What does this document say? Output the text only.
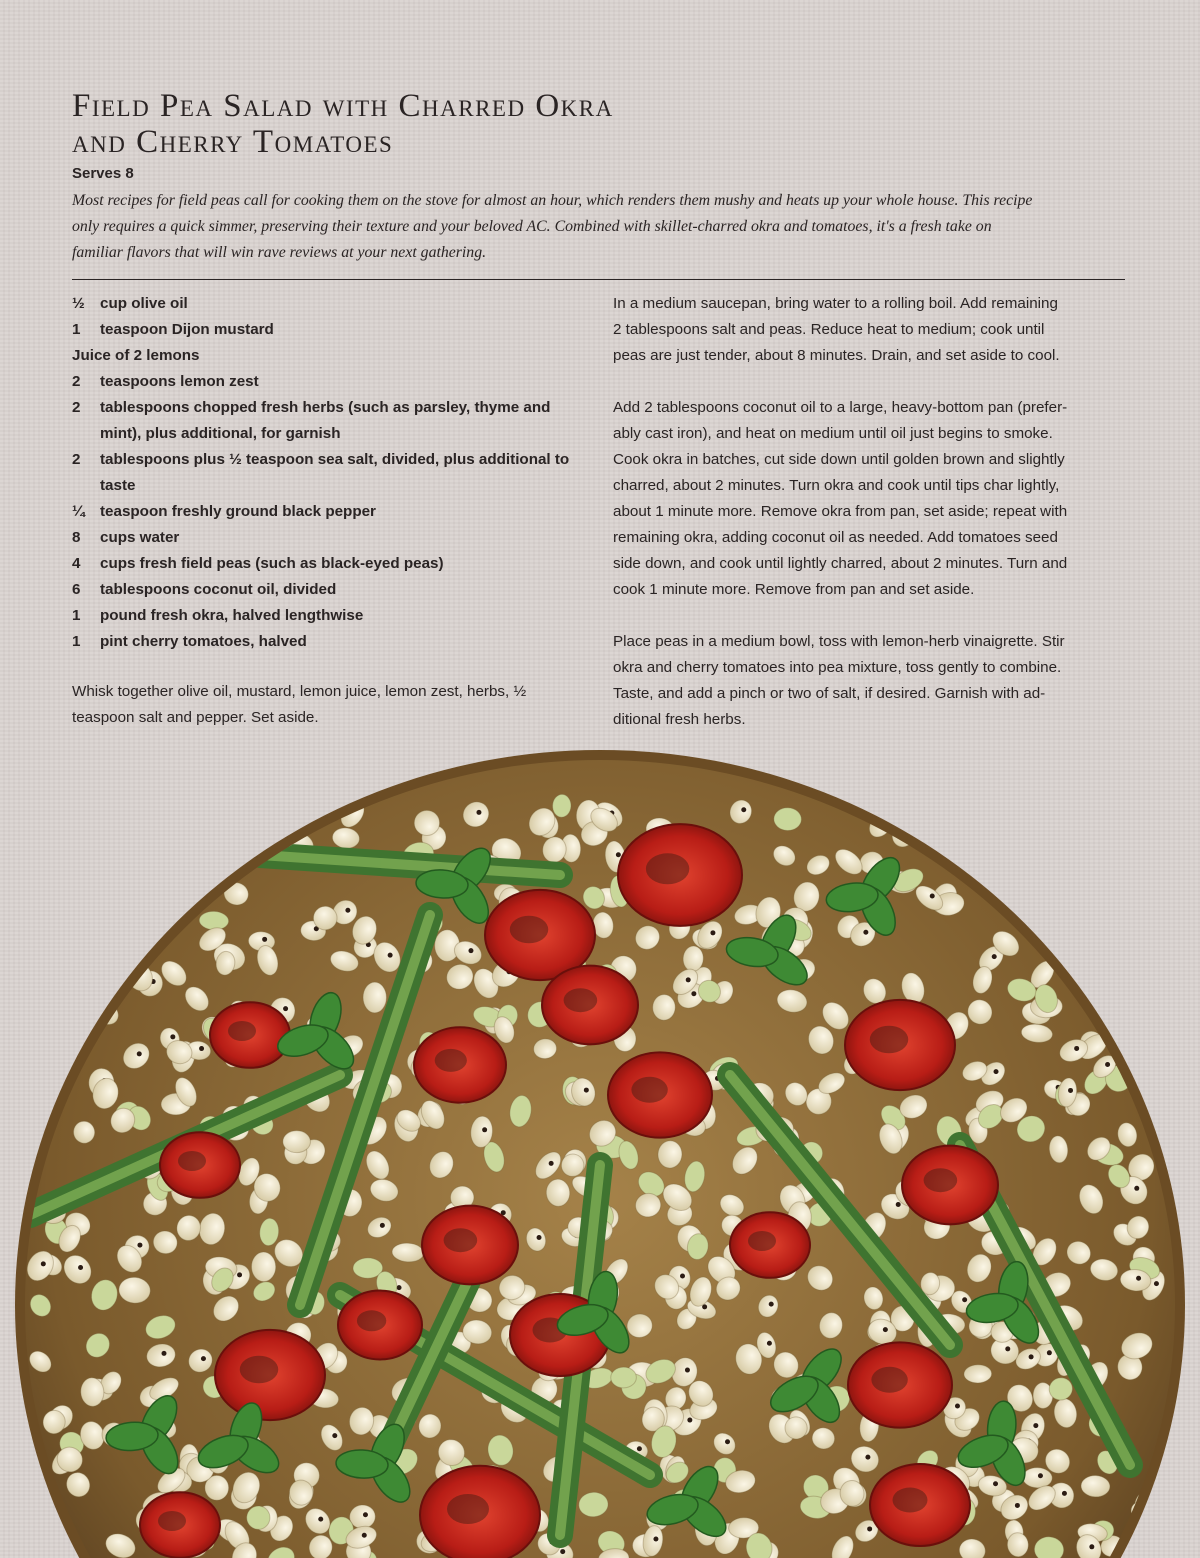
Field Pea Salad with Charred Okra
and Cherry Tomatoes
Serves 8
Most recipes for field peas call for cooking them on the stove for almost an hour, which renders them mushy and heats up your whole house. This recipe
only requires a quick simmer, preserving their texture and your beloved AC. Combined with skillet-charred okra and tomatoes, it's a fresh take on
familiar flavors that will win rave reviews at your next gathering.
½	cup olive oil
1	teaspoon Dijon mustard
Juice of 2 lemons
2	teaspoons lemon zest
2	tablespoons chopped fresh herbs (such as parsley, thyme and mint), plus additional, for garnish
2	tablespoons plus ½ teaspoon sea salt, divided, plus additional to taste
¼	teaspoon freshly ground black pepper
8	cups water
4	cups fresh field peas (such as black-eyed peas)
6	tablespoons coconut oil, divided
1	pound fresh okra, halved lengthwise
1	pint cherry tomatoes, halved
Whisk together olive oil, mustard, lemon juice, lemon zest, herbs, ½
teaspoon salt and pepper. Set aside.
In a medium saucepan, bring water to a rolling boil. Add remaining
2 tablespoons salt and peas. Reduce heat to medium; cook until
peas are just tender, about 8 minutes. Drain, and set aside to cool.
Add 2 tablespoons coconut oil to a large, heavy-bottom pan (prefer-
ably cast iron), and heat on medium until oil just begins to smoke.
Cook okra in batches, cut side down until golden brown and slightly
charred, about 2 minutes. Turn okra and cook until tips char lightly,
about 1 minute more. Remove okra from pan, set aside; repeat with
remaining okra, adding coconut oil as needed. Add tomatoes seed
side down, and cook until lightly charred, about 2 minutes. Turn and
cook 1 minute more. Remove from pan and set aside.
Place peas in a medium bowl, toss with lemon-herb vinaigrette. Stir
okra and cherry tomatoes into pea mixture, toss gently to combine.
Taste, and add a pinch or two of salt, if desired. Garnish with ad-
ditional fresh herbs.
